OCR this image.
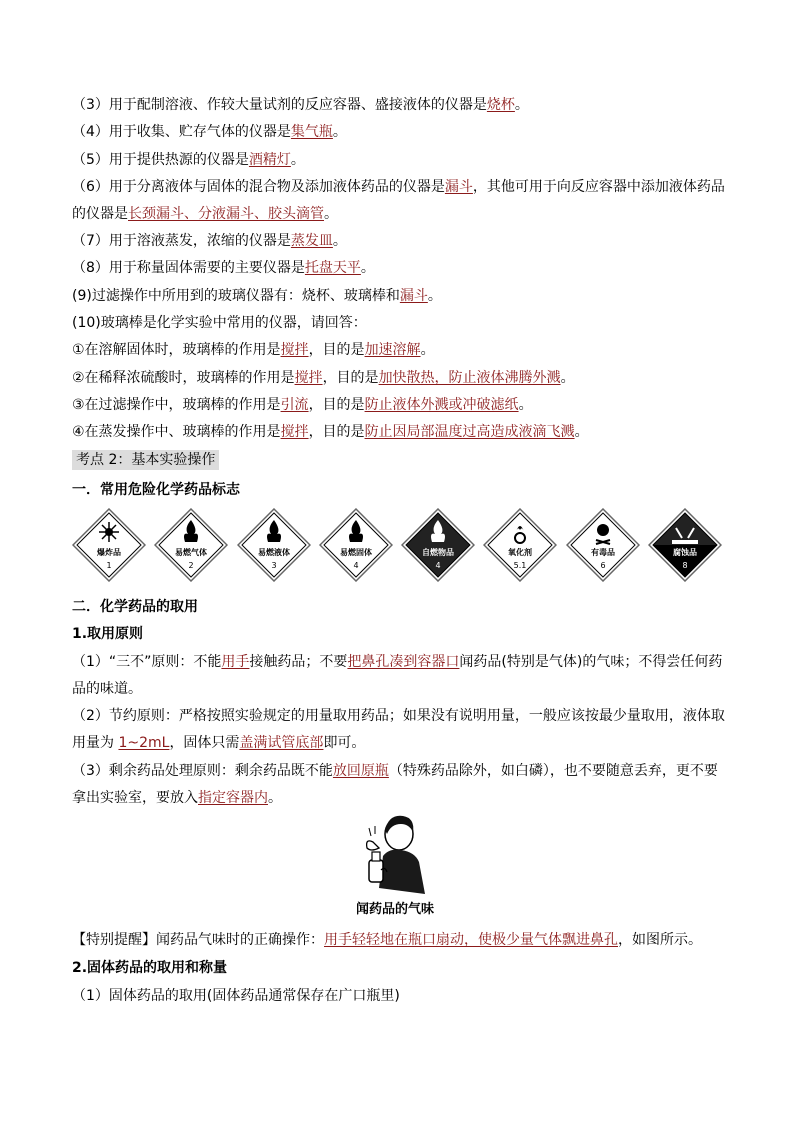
（3）用于配制溶液、作较大量试剂的反应容器、盛接液体的仪器是烧杯。
（4）用于收集、贮存气体的仪器是集气瓶。
（5）用于提供热源的仪器是酒精灯。
（6）用于分离液体与固体的混合物及添加液体药品的仪器是漏斗，其他可用于向反应容器中添加液体药品
的仪器是长颈漏斗、分液漏斗、胶头滴管。
（7）用于溶液蒸发，浓缩的仪器是蒸发皿。
（8）用于称量固体需要的主要仪器是托盘天平。
(9)过滤操作中所用到的玻璃仪器有：烧杯、玻璃棒和漏斗。
(10)玻璃棒是化学实验中常用的仪器，请回答：
①在溶解固体时，玻璃棒的作用是搅拌，目的是加速溶解。
②在稀释浓硫酸时，玻璃棒的作用是搅拌，目的是加快散热，防止液体沸腾外溅。
③在过滤操作中，玻璃棒的作用是引流，目的是防止液体外溅或冲破滤纸。
④在蒸发操作中、玻璃棒的作用是搅拌，目的是防止因局部温度过高造成液滴飞溅。
考点 2：基本实验操作
一．常用危险化学药品标志
爆炸品
1
易燃气体
2
易燃液体
3
易燃固体
4
自燃物品
4
氧化剂
5.1
有毒品
6
腐蚀品
8
二．化学药品的取用
1.取用原则
（1）“三不”原则：不能用手接触药品；不要把鼻孔凑到容器口闻药品(特别是气体)的气味；不得尝任何药
品的味道。
（2）节约原则：严格按照实验规定的用量取用药品；如果没有说明用量，一般应该按最少量取用，液体取
用量为 1~2mL，固体只需盖满试管底部即可。
（3）剩余药品处理原则：剩余药品既不能放回原瓶（特殊药品除外，如白磷），也不要随意丢弃，更不要
拿出实验室，要放入指定容器内。
闻药品的气味
【特别提醒】闻药品气味时的正确操作：用手轻轻地在瓶口扇动，使极少量气体飘进鼻孔，如图所示。
2.固体药品的取用和称量
（1）固体药品的取用(固体药品通常保存在广口瓶里)
